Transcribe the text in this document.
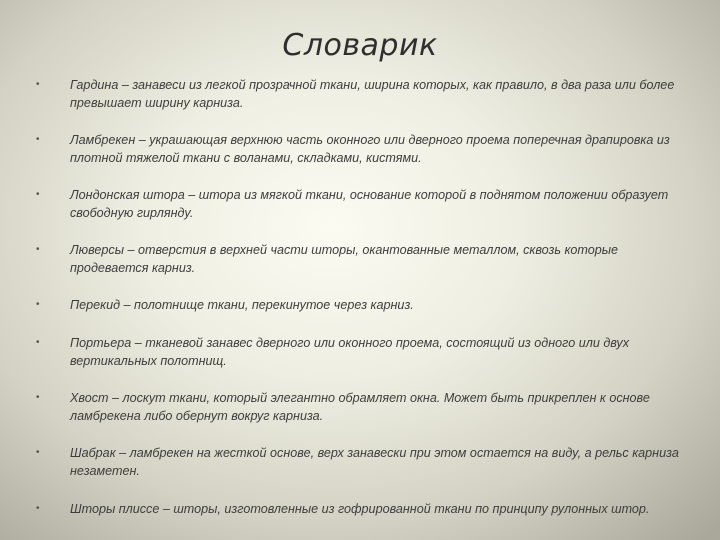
Словарик
• Гардина – занавеси из легкой прозрачной ткани, ширина которых, как правило, в два раза или более превышает ширину карниза.
• Ламбрекен – украшающая верхнюю часть оконного или дверного проема поперечная драпировка из плотной тяжелой ткани с воланами, складками, кистями.
• Лондонская штора – штора из мягкой ткани, основание которой в поднятом положении образует свободную гирлянду.
• Люверсы – отверстия в верхней части шторы, окантованные металлом, сквозь которые продевается карниз.
• Перекид – полотнище ткани, перекинутое через карниз.
• Портьера – тканевой занавес дверного или оконного проема, состоящий из одного или двух вертикальных полотнищ.
• Хвост – лоскут ткани, который элегантно обрамляет окна. Может быть прикреплен к основе ламбрекена либо обернут вокруг карниза.
• Шабрак – ламбрекен на жесткой основе, верх занавески при этом остается на виду, а рельс карниза незаметен.
• Шторы плиссе – шторы, изготовленные из гофрированной ткани по принципу рулонных штор.
